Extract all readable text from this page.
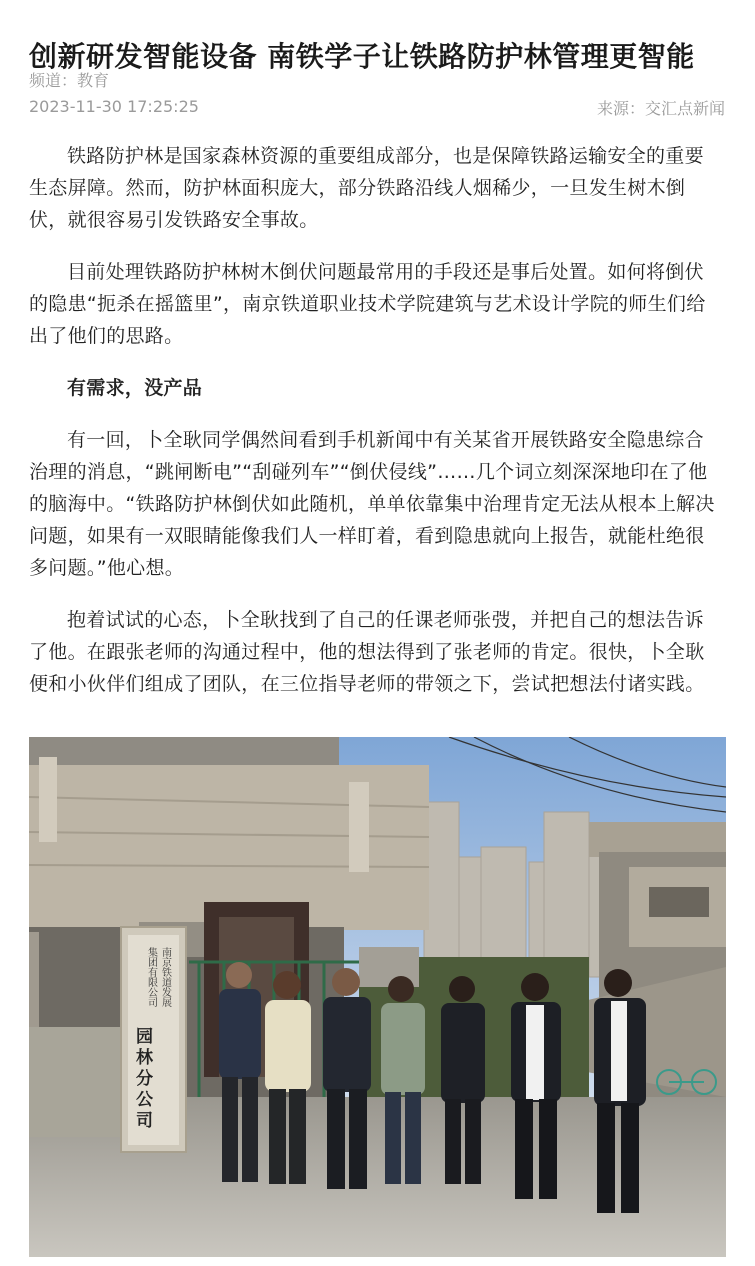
创新研发智能设备 南铁学子让铁路防护林管理更智能
频道：教育
2023-11-30 17:25:25	来源：交汇点新闻

铁路防护林是国家森林资源的重要组成部分，也是保障铁路运输安全的重要生态屏障。然而，防护林面积庞大，部分铁路沿线人烟稀少，一旦发生树木倒伏，就很容易引发铁路安全事故。

目前处理铁路防护林树木倒伏问题最常用的手段还是事后处置。如何将倒伏的隐患“扼杀在摇篮里”，南京铁道职业技术学院建筑与艺术设计学院的师生们给出了他们的思路。

有需求，没产品

有一回，卜全耿同学偶然间看到手机新闻中有关某省开展铁路安全隐患综合治理的消息，“跳闸断电”“刮碰列车”“倒伏侵线”……几个词立刻深深地印在了他的脑海中。“铁路防护林倒伏如此随机，单单依靠集中治理肯定无法从根本上解决问题，如果有一双眼睛能像我们人一样盯着，看到隐患就向上报告，就能杜绝很多问题。”他心想。

抱着试试的心态，卜全耿找到了自己的任课老师张弢，并把自己的想法告诉了他。在跟张老师的沟通过程中，他的想法得到了张老师的肯定。很快，卜全耿便和小伙伴们组成了团队，在三位指导老师的带领之下，尝试把想法付诸实践。

南京铁道发展
集团有限公司
园林分公司
